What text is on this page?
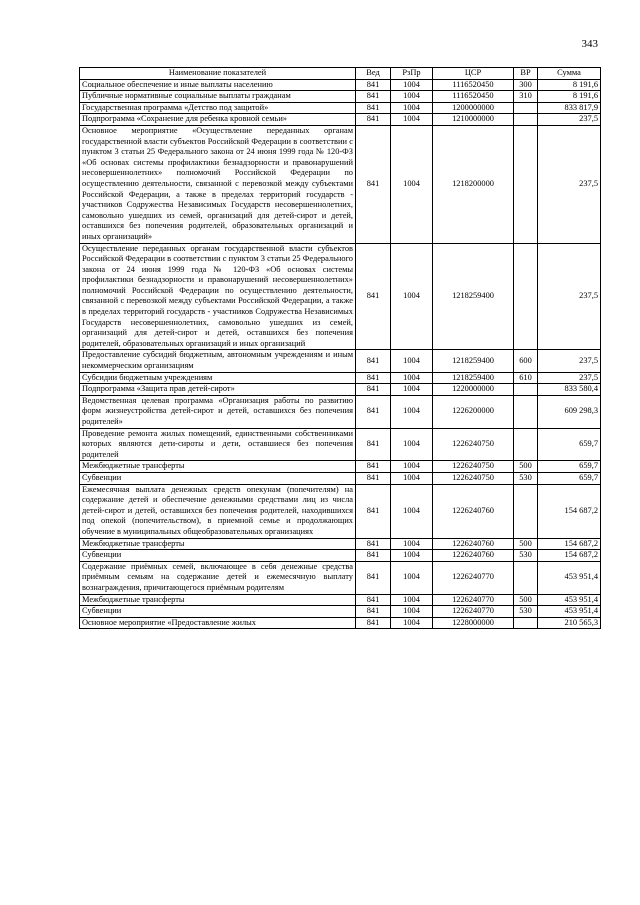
343
Наименование показателей	Вед	РзПр	ЦСР	ВР	Сумма
Социальное обеспечение и иные выплаты населению	841	1004	1116520450	300	8 191,6
Публичные нормативные социальные выплаты гражданам	841	1004	1116520450	310	8 191,6
Государственная программа «Детство под защитой»	841	1004	1200000000		833 817,9
Подпрограмма «Сохранение для ребенка кровной семьи»	841	1004	1210000000		237,5
Основное мероприятие «Осуществление переданных органам государственной власти субъектов Российской Федерации в соответствии с пунктом 3 статьи 25 Федерального закона от 24 июня 1999 года № 120-ФЗ «Об основах системы профилактики безнадзорности и правонарушений несовершеннолетних» полномочий Российской Федерации по осуществлению деятельности, связанной с перевозкой между субъектами Российской Федерации, а также в пределах территорий государств - участников Содружества Независимых Государств несовершеннолетних, самовольно ушедших из семей, организаций для детей-сирот и детей, оставшихся без попечения родителей, образовательных организаций и иных организаций»	841	1004	1218200000		237,5
Осуществление переданных органам государственной власти субъектов Российской Федерации в соответствии с пунктом 3 статьи 25 Федерального закона от 24 июня 1999 года № 120-ФЗ «Об основах системы профилактики безнадзорности и правонарушений несовершеннолетних» полномочий Российской Федерации по осуществлению деятельности, связанной с перевозкой между субъектами Российской Федерации, а также в пределах территорий государств - участников Содружества Независимых Государств несовершеннолетних, самовольно ушедших из семей, организаций для детей-сирот и детей, оставшихся без попечения родителей, образовательных организаций и иных организаций	841	1004	1218259400		237,5
Предоставление субсидий бюджетным, автономным учреждениям и иным некоммерческим организациям	841	1004	1218259400	600	237,5
Субсидии бюджетным учреждениям	841	1004	1218259400	610	237,5
Подпрограмма «Защита прав детей-сирот»	841	1004	1220000000		833 580,4
Ведомственная целевая программа «Организация работы по развитию форм жизнеустройства детей-сирот и детей, оставшихся без попечения родителей»	841	1004	1226200000		609 298,3
Проведение ремонта жилых помещений, единственными собственниками которых являются дети-сироты и дети, оставшиеся без попечения родителей	841	1004	1226240750		659,7
Межбюджетные трансферты	841	1004	1226240750	500	659,7
Субвенции	841	1004	1226240750	530	659,7
Ежемесячная выплата денежных средств опекунам (попечителям) на содержание детей и обеспечение денежными средствами лиц из числа детей-сирот и детей, оставшихся без попечения родителей, находившихся под опекой (попечительством), в приемной семье и продолжающих обучение в муниципальных общеобразовательных организациях	841	1004	1226240760		154 687,2
Межбюджетные трансферты	841	1004	1226240760	500	154 687,2
Субвенции	841	1004	1226240760	530	154 687,2
Содержание приёмных семей, включающее в себя денежные средства приёмным семьям на содержание детей и ежемесячную выплату вознаграждения, причитающегося приёмным родителям	841	1004	1226240770		453 951,4
Межбюджетные трансферты	841	1004	1226240770	500	453 951,4
Субвенции	841	1004	1226240770	530	453 951,4
Основное мероприятие «Предоставление жилых	841	1004	1228000000		210 565,3
